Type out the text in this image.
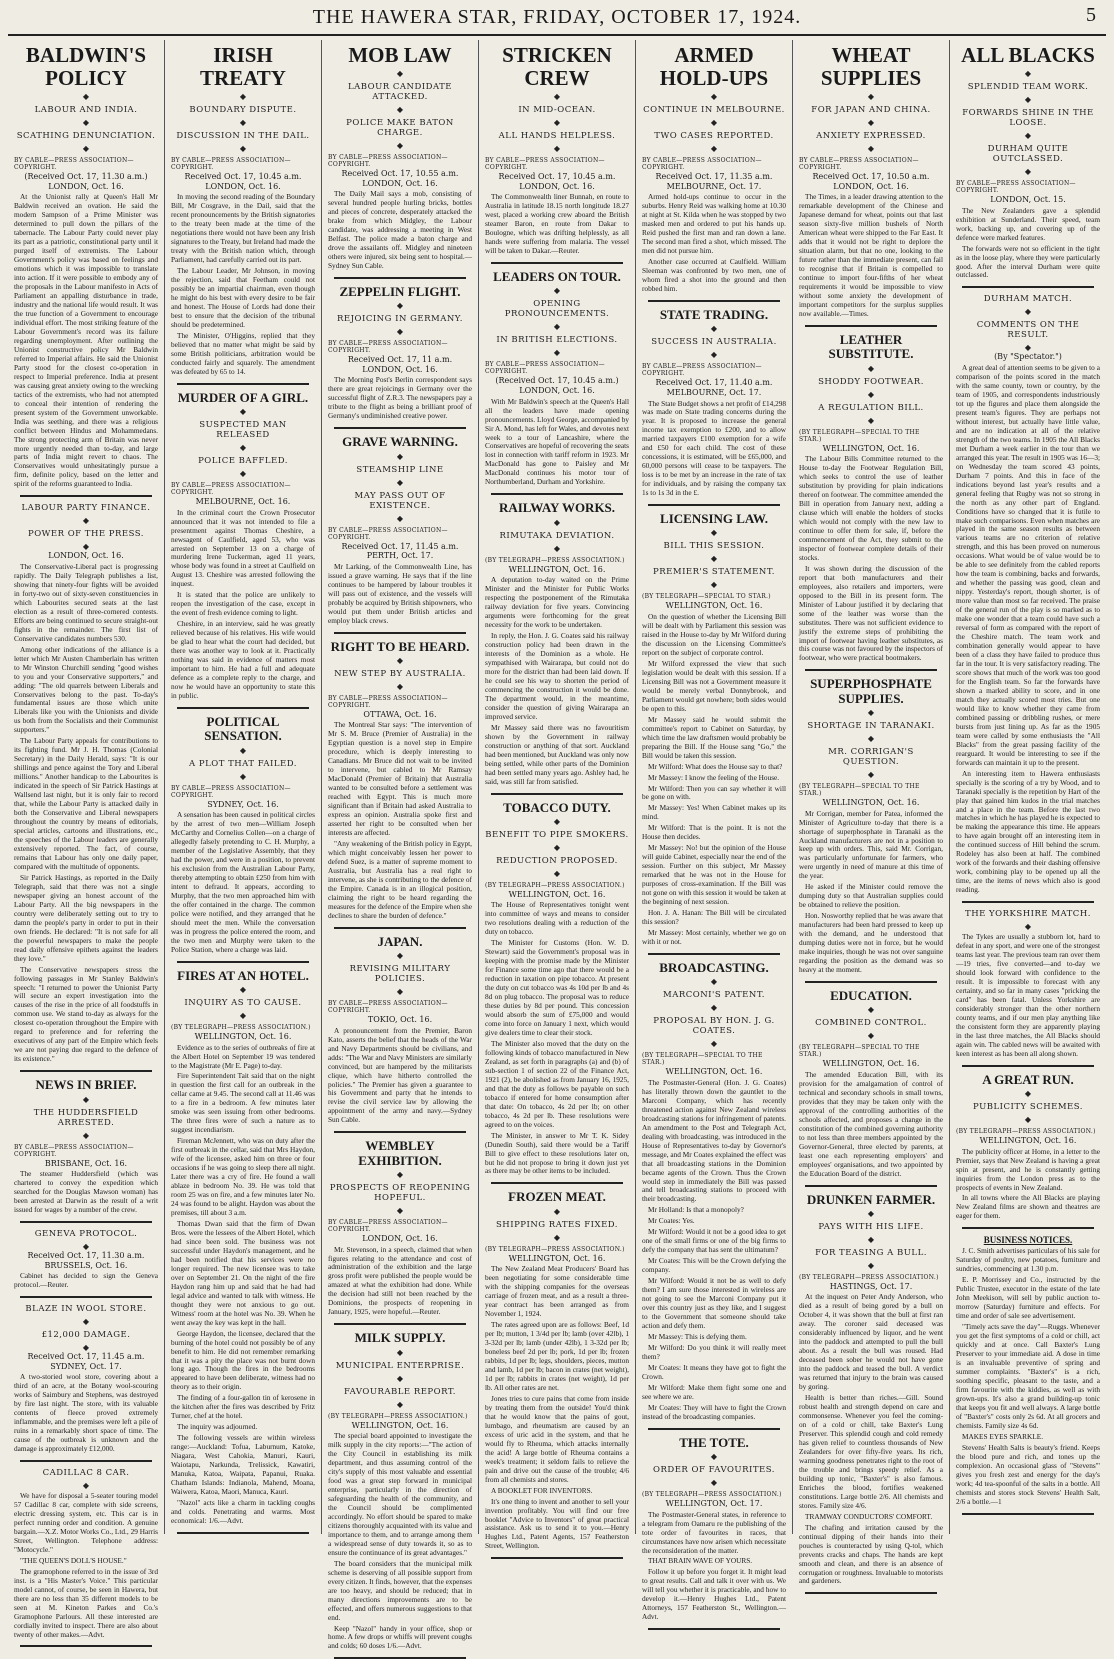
THE HAWERA STAR, FRIDAY, OCTOBER 17, 1924.	5
BALDWIN'S POLICY
◆
LABOUR AND INDIA.
◆
SCATHING DENUNCIATION.
◆
BY CABLE—PRESS ASSOCIATION—COPYRIGHT.
(Received Oct. 17, 11.30 a.m.)
LONDON, Oct. 16.

At the Unionist rally at Queen's Hall Mr Baldwin received an ovation. He said the modern Sampson of a Prime Minister was determined to pull down the pillars of the tabernacle. The Labour Party could never play its part as a patriotic, constitutional party until it purged itself of extremists. The Labour Government's policy was based on feelings and emotions which it was impossible to translate into action. If it were possible to embody any of the proposals in the Labour manifesto in Acts of Parliament an appalling disturbance in trade, industry and the national life would result. It was the true function of a Government to encourage individual effort. The most striking feature of the Labour Government's record was its failure regarding unemployment. After outlining the Unionist constructive policy Mr Baldwin referred to Imperial affairs. He said the Unionist Party stood for the closest co-operation in respect to Imperial preference. India at present was causing great anxiety owing to the wrecking tactics of the extremists, who had not attempted to conceal their intention of rendering the present system of the Government unworkable. India was seething, and there was a religious conflict between Hindus and Mohammedans. The strong protecting arm of Britain was never more urgently needed than to-day, and large parts of India might revert to chaos. The Conservatives would unhesitatingly pursue a firm, definite policy, based on the letter and spirit of the reforms guaranteed to India.

LABOUR PARTY FINANCE.
◆
POWER OF THE PRESS.
◆
LONDON, Oct. 16.

The Conservative-Liberal pact is progressing rapidly. The Daily Telegraph publishes a list, showing that ninety-four fights will be avoided in forty-two out of sixty-seven constituencies in which Labourites secured seats at the last election as a result of three-cornered contests. Efforts are being continued to secure straight-out fights in the remainder. The first list of Conservative candidates numbers 530.

Among other indications of the alliance is a letter which Mr Austen Chamberlain has written to Mr Winston Churchill sending "good wishes to you and your Conservative supporters," and adding: "The old quarrels between Liberals and Conservatives belong to the past. To-day's fundamental issues are those which unite Liberals like you with the Unionists and divide us both from the Socialists and their Communist supporters."

The Labour Party appeals for contributions to its fighting fund. Mr J. H. Thomas (Colonial Secretary) in the Daily Herald, says: "It is our shillings and pence against the Tory and Liberal millions." Another handicap to the Labourites is indicated in the speech of Sir Patrick Hastings at Wallsend last night, but it is only fair to record that, while the Labour Party is attacked daily in both the Conservative and Liberal newspapers throughout the country by means of editorials, special articles, cartoons and illustrations, etc., the speeches of the Labour leaders are generally extensively reported. The fact, of course, remains that Labour has only one daily paper, compared with the multitude of opponents.

Sir Patrick Hastings, as reported in the Daily Telegraph, said that there was not a single newspaper giving an honest account of the Labour Party. All the big newspapers in the country were deliberately setting out to try to damn the people's party in order to put in their own friends. He declared: "It is not safe for all the powerful newspapers to make the people read daily offensive epithets against the leaders they love."

The Conservative newspapers stress the following passages in Mr Stanley Baldwin's speech: "I returned to power the Unionist Party will secure an expert investigation into the causes of the rise in the price of all foodstuffs in common use. We stand to-day as always for the closest co-operation throughout the Empire with regard to preference and for referring the executives of any part of the Empire which feels we are not paying due regard to the defence of its existence."

NEWS IN BRIEF.
◆
THE HUDDERSFIELD ARRESTED.
◆
BY CABLE—PRESS ASSOCIATION—COPYRIGHT.
BRISBANE, Oct. 16.

The steamer Huddersfield (which was chartered to convey the expedition which searched for the Douglas Mawson woman) has been arrested at Darwin as the result of a writ issued for wages by a number of the crew.

GENEVA PROTOCOL.
◆
Received Oct. 17, 11.30 a.m.
BRUSSELS, Oct. 16.

Cabinet has decided to sign the Geneva protocol.—Reuter.

BLAZE IN WOOL STORE.
◆
£12,000 DAMAGE.
◆
Received Oct. 17, 11.45 a.m.
SYDNEY, Oct. 17.

A two-storied wool store, covering about a third of an acre, at the Botany wool-scouring works of Saimbury and Stephens, was destroyed by fire last night. The store, with its valuable contents of fleece proved extremely inflammable, and the premises were left a pile of ruins in a remarkably short space of time. The cause of the outbreak is unknown and the damage is approximately £12,000.

CADILLAC 8 CAR.
◆

We have for disposal a 5-seater touring model 57 Cadillac 8 car, complete with side screens, electric dressing system, etc. This car is in perfect running order and condition. A genuine bargain.—X.Z. Motor Works Co., Ltd., 29 Harris Street, Wellington. Telephone address: "Motocycle."

"THE QUEEN'S DOLL'S HOUSE."

The gramophone referred to in the issue of 3rd inst. is a "His Master's Voice." This particular model cannot, of course, be seen in Hawera, but there are no less than 35 different models to be seen at M. Kineton Parkes and Co.'s Gramophone Parlours. All these interested are cordially invited to inspect. There are also about twenty of other makes.—Advt.

IRISH TREATY
◆
BOUNDARY DISPUTE.
◆
DISCUSSION IN THE DAIL.
◆
BY CABLE—PRESS ASSOCIATION—COPYRIGHT.
Received Oct. 17, 10.45 a.m.
LONDON, Oct. 16.

In moving the second reading of the Boundary Bill, Mr Cosgrave, in the Dail, said that the recent pronouncements by the British signatories to the treaty been made at the time of the negotiations there would not have been any Irish signatures to the Treaty, but Ireland had made the treaty with the British nation which, through Parliament, had carefully carried out its part.

The Labour Leader, Mr Johnson, in moving the rejection, said that Feetham could not possibly be an impartial chairman, even though he might do his best with every desire to be fair and honest. The House of Lords had done their best to ensure that the decision of the tribunal should be predetermined.

The Minister, O'Higgins, replied that they believed that no matter what might be said by some British politicians, arbitration would be conducted fairly and squarely. The amendment was defeated by 65 to 14.

MURDER OF A GIRL.
◆
SUSPECTED MAN RELEASED
◆
POLICE BAFFLED.
◆
BY CABLE—PRESS ASSOCIATION—COPYRIGHT.
MELBOURNE, Oct. 16.

In the criminal court the Crown Prosecutor announced that it was not intended to file a presentment against Thomas Cheshire, a newsagent of Caulfield, aged 53, who was arrested on September 13 on a charge of murdering Irene Tuckerman, aged 11 years, whose body was found in a street at Caulfield on August 13. Cheshire was arrested following the inquest.

It is stated that the police are unlikely to reopen the investigation of the case, except in the event of fresh evidence coming to light.

Cheshire, in an interview, said he was greatly relieved because of his relatives. His wife would be glad to hear what the court had decided, but there was another way to look at it. Practically nothing was said in evidence of matters most important to him. He had a full and adequate defence as a complete reply to the charge, and now he would have an opportunity to state this in public.

POLITICAL SENSATION.
◆
A PLOT THAT FAILED.
◆
BY CABLE—PRESS ASSOCIATION—COPYRIGHT.
SYDNEY, Oct. 16.

A sensation has been caused in political circles by the arrest of two men—William Joseph McCarthy and Cornelius Collen—on a charge of allegedly falsely pretending to C. H. Murphy, a member of the Legislative Assembly, that they had the power, and were in a position, to prevent his exclusion from the Australian Labour Party, thereby attempting to obtain £250 from him with intent to defraud. It appears, according to Murphy, that the two men approached him with the offer contained in the charge. The common police were notified, and they arranged that he should meet the men. While the conversation was in progress the police entered the room, and the two men and Murphy were taken to the Police Station, where a charge was laid.

FIRES AT AN HOTEL.
◆
INQUIRY AS TO CAUSE.
◆
(BY TELEGRAPH—PRESS ASSOCIATION.)
WELLINGTON, Oct. 16.

Evidence as to the series of outbreaks of fire at the Albert Hotel on September 19 was tendered to the Magistrate (Mr E. Page) to-day.

Fire Superintendent Tait said that on the night in question the first call for an outbreak in the cellar came at 9.45. The second call at 11.46 was to a fire in a bedroom. A few minutes later smoke was seen issuing from other bedrooms. The three fires were of such a nature as to suggest incendiarism.

Fireman McJennett, who was on duty after the first outbreak in the cellar, said that Mrs Haydon, wife of the licensee, asked him on three or four occasions if he was going to sleep there all night. Later there was a cry of fire. He found a wall ablaze in bedroom No. 39. He was told that room 25 was on fire, and a few minutes later No. 24 was found to be alight. Haydon was about the premises, till about 3 a.m.

Thomas Dwan said that the firm of Dwan Bros. were the lessees of the Albert Hotel, which had since been sold. The business was not successful under Haydon's management, and he had been notified that his services were no longer required. The new licensee was to take over on September 21. On the night of the fire Haydon rang him up and said that he had had legal advice and wanted to talk with witness. He thought they were not anxious to go out. Witness' room at the hotel was No. 39. When he went away the key was kept in the hall.

George Haydon, the licensee, declared that the burning of the hotel could not possibly be of any benefit to him. He did not remember remarking that it was a pity the place was not burnt down long ago. Though the fires in the bedrooms appeared to have been deliberate, witness had no theory as to their origin.

The finding of a four-gallon tin of kerosene in the kitchen after the fires was described by Fritz Turner, chef at the hotel.

The inquiry was adjourned.

The following vessels are within wireless range:—Auckland: Tofua, Laburnum, Katoke, Niagara, West Cahokia, Manuri, Kauri, Waiotapu, Narkunda, Trelissick, Kawatiri, Manuka, Katoa, Waipata, Papanui, Ruaka. Chatham Islands: Indianola, Mahend, Moana, Waiwera, Katoa, Maori, Manuca, Kauri.

"Nazol" acts like a charm in tackling coughs and colds. Penetrating and warms. Most economical: 1/6.—Advt.

MOB LAW
◆
LABOUR CANDIDATE ATTACKED.
◆
POLICE MAKE BATON CHARGE.
◆
BY CABLE—PRESS ASSOCIATION—COPYRIGHT.
Received Oct. 17, 10.55 a.m.
LONDON, Oct. 16.

The Daily Mail says a mob, consisting of several hundred people hurling bricks, bottles and pieces of concrete, desperately attacked the brake from which Midgley, the Labour candidate, was addressing a meeting in West Belfast. The police made a baton charge and drove the assailants off. Midgley and nineteen others were injured, six being sent to hospital.—Sydney Sun Cable.

ZEPPELIN FLIGHT.
◆
REJOICING IN GERMANY.
◆
BY CABLE—PRESS ASSOCIATION—COPYRIGHT.
Received Oct. 17, 11 a.m.
LONDON, Oct. 16.

The Morning Post's Berlin correspondent says there are great rejoicings in Germany over the successful flight of Z.R.3. The newspapers pay a tribute to the flight as being a brilliant proof of Germany's undiminished creative power.

GRAVE WARNING.
◆
STEAMSHIP LINE
◆
MAY PASS OUT OF EXISTENCE.
◆
BY CABLE—PRESS ASSOCIATION—COPYRIGHT.
Received Oct. 17, 11.45 a.m.
PERTH, Oct. 17.

Mr Larking, of the Commonwealth Line, has issued a grave warning. He says that if the line continues to be hampered by labour troubles it will pass out of existence, and the vessels will probably be acquired by British shipowners, who would put them under British articles and employ black crews.

RIGHT TO BE HEARD.
◆
NEW STEP BY AUSTRALIA.
◆
BY CABLE—PRESS ASSOCIATION—COPYRIGHT.
OTTAWA, Oct. 16.

The Montreal Star says: "The intervention of Mr S. M. Bruce (Premier of Australia) in the Egyptian question is a novel step in Empire procedure, which is deeply interesting to Canadians. Mr Bruce did not wait to be invited to intervene, but cabled to Mr Ramsay MacDonald (Premier of Britain) that Australia wanted to be consulted before a settlement was reached with Egypt. This is much more significant than if Britain had asked Australia to express an opinion. Australia spoke first and asserted her right to be consulted when her interests are affected.

"Any weakening of the British policy in Egypt, which might conceivably lessen her power to defend Suez, is a matter of supreme moment to Australia, but Australia has a real right to intervene, as she is contributing to the defence of the Empire. Canada is in an illogical position, claiming the right to be heard regarding the measures for the defence of the Empire when she declines to share the burden of defence."

JAPAN.
◆
REVISING MILITARY POLICIES.
◆
BY CABLE—PRESS ASSOCIATION—COPYRIGHT.
TOKIO, Oct. 16.

A pronouncement from the Premier, Baron Kato, asserts the belief that the heads of the War and Navy Departments should be civilians, and adds: "The War and Navy Ministers are similarly convinced, but are hampered by the militarists clique, which have hitherto controlled the policies." The Premier has given a guarantee to his Government and party that he intends to revise the civil service law by allowing the appointment of the army and navy.—Sydney Sun Cable.

WEMBLEY EXHIBITION.
◆
PROSPECTS OF REOPENING HOPEFUL.
◆
BY CABLE—PRESS ASSOCIATION—COPYRIGHT.
LONDON, Oct. 16.

Mr. Stevenson, in a speech, claimed that when figures relating to the attendance and cost of administration of the exhibition and the large gross profit were published the people would be amazed at what the exhibition had done. While the decision had still not been reached by the Dominions, the prospects of reopening in January, 1925, were hopeful.—Reuter.

MILK SUPPLY.
◆
MUNICIPAL ENTERPRISE.
◆
FAVOURABLE REPORT.
◆
(BY TELEGRAPH—PRESS ASSOCIATION.)
WELLINGTON, Oct. 16.

The special board appointed to investigate the milk supply in the city reports:—"The action of the City Council in establishing its milk department, and thus assuming control of the city's supply of this most valuable and essential food was a great step forward in municipal enterprise, particularly in the direction of safeguarding the health of the community, and the Council should be complimented accordingly. No effort should be spared to make citizens thoroughly acquainted with its value and importance to them, and to arrange among them a widespread sense of duty towards it, so as to ensure the continuance of its great advantages."

The board considers that the municipal milk scheme is deserving of all possible support from every citizen. It finds, however, that the expenses are too heavy, and should be reduced; that in many directions improvements are to be effected, and offers numerous suggestions to that end.

Keep "Nazol" handy in your office, shop or home. A few drops or whiffs will prevent coughs and colds; 60 doses 1/6.—Advt.

STRICKEN CREW
◆
IN MID-OCEAN.
◆
ALL HANDS HELPLESS.
◆
BY CABLE—PRESS ASSOCIATION—COPYRIGHT.
Received Oct. 17, 10.45 a.m.
LONDON, Oct. 16.

The Commonwealth liner Bunnah, en route to Australia in latitude 18.15 north longitude 18.27 west, placed a working crew aboard the British steamer Baron, en route from Dakar to Boulogne, which was drifting helplessly, as all hands were suffering from malaria. The vessel will be taken to Dakar.—Reuter.

LEADERS ON TOUR.
◆
OPENING PRONOUNCEMENTS.
◆
IN BRITISH ELECTIONS.
◆
BY CABLE—PRESS ASSOCIATION—COPYRIGHT.
(Received Oct. 17, 10.45 a.m.)
LONDON, Oct. 16.

With Mr Baldwin's speech at the Queen's Hall all the leaders have made opening pronouncements. Lloyd George, accompanied by Sir A. Mond, has left for Wales, and devotes next week to a tour of Lancashire, where the Conservatives are hopeful of recovering the seats lost in connection with tariff reform in 1923. Mr MacDonald has gone to Paisley and Mr MacDonald continues his motor tour of Northumberland, Durham and Yorkshire.

RAILWAY WORKS.
◆
RIMUTAKA DEVIATION.
◆
(BY TELEGRAPH—PRESS ASSOCIATION.)
WELLINGTON, Oct. 16.

A deputation to-day waited on the Prime Minister and the Minister for Public Works respecting the postponement of the Rimutaka railway deviation for five years. Convincing arguments were forthcoming for the great necessity for the work to be undertaken.

In reply, the Hon. J. G. Coates said his railway construction policy had been drawn in the interests of the Dominion as a whole. He sympathised with Wairarapa, but could not do more for the district than had been laid down. If he could see his way to shorten the period of commencing the construction it would be done. The department would, in the meantime, consider the question of giving Wairarapa an improved service.

Mr Massey said there was no favouritism shown by the Government in railway construction or anything of that sort. Auckland had been mentioned, but Auckland was only now being settled, while other parts of the Dominion had been settled many years ago. Ashley had, he said, was still far from satisfied.

TOBACCO DUTY.
◆
BENEFIT TO PIPE SMOKERS.
◆
REDUCTION PROPOSED.
◆
(BY TELEGRAPH—PRESS ASSOCIATION.)
WELLINGTON, Oct. 16.

The House of Representatives tonight went into committee of ways and means to consider two resolutions dealing with a reduction of the duty on tobacco.

The Minister for Customs (Hon. W. D. Stewart) said the Government's proposal was in keeping with the promise made by the Minister for Finance some time ago that there would be a reduction in taxation on pipe tobacco. At present the duty on cut tobacco was 4s 10d per lb and 4s 8d on plug tobacco. The proposal was to reduce these duties by 8d per pound. This concession would absorb the sum of £75,000 and would come into force on January 1 next, which would give dealers time to clear their stock.

The Minister also moved that the duty on the following kinds of tobacco manufactured in New Zealand, as set forth in paragraphs (a) and (b) of sub-section 1 of section 22 of the Finance Act, 1921 (2), be abolished as from January 16, 1925, and that the duty as follows be payable on such tobacco if entered for home consumption after that date: On tobacco, 4s 2d per lb; on other tobacco, 4s 2d per lb. These resolutions were agreed to on the voices.

The Minister, in answer to Mr T. K. Sidey (Dunedin South), said there would be a Tariff Bill to give effect to these resolutions later on, but he did not propose to bring it down just yet as there may be other items to be included.

FROZEN MEAT.
◆
SHIPPING RATES FIXED.
◆
(BY TELEGRAPH—PRESS ASSOCIATION.)
WELLINGTON, Oct. 16.

The New Zealand Meat Producers' Board has been negotiating for some considerable time with the shipping companies for the overseas carriage of frozen meat, and as a result a three-year contract has been arranged as from November 1, 1924.

The rates agreed upon are as follows: Beef, 1d per lb; mutton, 1 3/4d per lb; lamb (over 42lb), 1 3-32d per lb; lamb (under 42lb), 1 3-32d per lb; boneless beef 2d per lb; pork, 1d per lb; frozen rabbits, 1d per lb; legs, shoulders, pieces, mutton and lamb, 1d per lb; bacon in crates (net weight), 1d per lb; rabbits in crates (net weight), 1d per lb. All other rates are net.

Jones tries to cure pains that come from inside by treating them from the outside! You'd think that he would know that the pains of gout, lumbago, and rheumatism are caused by an excess of uric acid in the system, and that he would fly to Rheuma, which attacks internally the acid! A large bottle of Rheuma contains a week's treatment; it seldom fails to relieve the pain and drive out the cause of the trouble; 4/6 from all chemists and stores.

A BOOKLET FOR INVENTORS.

It's one thing to invent and another to sell your invention profitably. You will find our free booklet "Advice to Inventors" of great practical assistance. Ask us to send it to you.—Henry Hughes Ltd., Patent Agents, 157 Featherston Street, Wellington.

ARMED HOLD-UPS
◆
CONTINUE IN MELBOURNE.
◆
TWO CASES REPORTED.
◆
BY CABLE—PRESS ASSOCIATION—COPYRIGHT.
Received Oct. 17, 11.35 a.m.
MELBOURNE, Oct. 17.

Armed hold-ups continue to occur in the suburbs. Henry Reid was walking home at 10.30 at night at St. Kilda when he was stopped by two masked men and ordered to put his hands up. Reid pushed the first man and ran down a lane. The second man fired a shot, which missed. The men did not pursue him.

Another case occurred at Caulfield. William Sleeman was confronted by two men, one of whom fired a shot into the ground and then robbed him.

STATE TRADING.
◆
SUCCESS IN AUSTRALIA.
◆
BY CABLE—PRESS ASSOCIATION—COPYRIGHT.
Received Oct. 17, 11.40 a.m.
MELBOURNE, Oct. 17.

The State Budget shows a net profit of £14,298 was made on State trading concerns during the year. It is proposed to increase the general income tax exemption to £200, and to allow married taxpayers £100 exemption for a wife and £50 for each child. The cost of these concessions, it is estimated, will be £65,000, and 60,000 persons will cease to be taxpayers. The loss is to be met by an increase in the rate of tax for individuals, and by raising the company tax 1s to 1s 3d in the £.

LICENSING LAW.
◆
BILL THIS SESSION.
◆
PREMIER'S STATEMENT.
◆
(BY TELEGRAPH—SPECIAL TO STAR.)
WELLINGTON, Oct. 16.

On the question of whether the Licensing Bill will be dealt with by Parliament this session was raised in the House to-day by Mr Wilford during the discussion on the Licensing Committee's report on the subject of corporate control.

Mr Wilford expressed the view that such legislation would be dealt with this session. If a Licensing Bill was not a Government measure it would be merely verbal Donnybrook, and Parliament would get nowhere; both sides would be open to this.

Mr Massey said he would submit the committee's report to Cabinet on Saturday, by which time the law draftsmen would probably be preparing the Bill. If the House sang "Go," the Bill would be taken this session.

Mr Wilford: What does the House say to that?

Mr Massey: I know the feeling of the House.

Mr Wilford: Then you can say whether it will be gone on with.

Mr Massey: Yes! When Cabinet makes up its mind.

Mr Wilford: That is the point. It is not the House then decides.

Mr Massey: No! but the opinion of the House will guide Cabinet, especially near the end of the session. Further on this subject, Mr Massey remarked that he was not in the House for purposes of cross-examination. If the Bill was not gone on with this session it would be taken at the beginning of next session.

Hon. J. A. Hanan: The Bill will be circulated this session?

Mr Massey: Most certainly, whether we go on with it or not.

BROADCASTING.
◆
MARCONI'S PATENT.
◆
PROPOSAL BY HON. J. G. COATES.
◆
(BY TELEGRAPH—SPECIAL TO THE STAR.)
WELLINGTON, Oct. 16.

The Postmaster-General (Hon. J. G. Coates) has literally thrown down the gauntlet to the Marconi Company, which has recently threatened action against New Zealand wireless broadcasting stations for infringement of patents. An amendment to the Post and Telegraph Act, dealing with broadcasting, was introduced in the House of Representatives to-day by Governor's message, and Mr Coates explained the effect was that all broadcasting stations in the Dominion became agents of the Crown. Thus the Crown would step in immediately the Bill was passed and tell broadcasting stations to proceed with their broadcasting.

Mr Holland: Is that a monopoly?

Mr Coates: Yes.

Mr Wilford: Would it not be a good idea to get one of the small firms or one of the big firms to defy the company that has sent the ultimatum?

Mr Coates: This will be the Crown defying the company.

Mr Wilford: Would it not be as well to defy them? I am sure those interested in wireless are not going to see the Marconi Company put it over this country just as they like, and I suggest to the Government that someone should take action and defy them.

Mr Massey: This is defying them.

Mr Wilford: Do you think it will really meet them?

Mr Coates: It means they have got to fight the Crown.

Mr Wilford: Make them fight some one and see where we are.

Mr Coates: They will have to fight the Crown instead of the broadcasting companies.

THE TOTE.
◆
ORDER OF FAVOURITES.
◆
(BY TELEGRAPH—PRESS ASSOCIATION.)
WELLINGTON, Oct. 17.

The Postmaster-General states, in reference to a telegram from Oamaru re the publishing of the tote order of favourites in races, that circumstances have now arisen which necessitate the reconsideration of the matter.

THAT BRAIN WAVE OF YOURS.

Follow it up before you forget it. It might lead to great results. Call and talk it over with us. We will tell you whether it is practicable, and how to develop it.—Henry Hughes Ltd., Patent Attorneys, 157 Featherston St., Wellington.—Advt.

WHEAT SUPPLIES
◆
FOR JAPAN AND CHINA.
◆
ANXIETY EXPRESSED.
◆
BY CABLE—PRESS ASSOCIATION—COPYRIGHT.
Received Oct. 17, 10.50 a.m.
LONDON, Oct. 16.

The Times, in a leader drawing attention to the remarkable development of the Chinese and Japanese demand for wheat, points out that last season sixty-five million bushels of North American wheat were shipped to the Far East. It adds that it would not be right to deplore the situation alarm, but that no one, looking to the future rather than the immediate present, can fail to recognise that if Britain is compelled to continue to import four-fifths of her wheat requirements it would be impossible to view without some anxiety the development of important competitors for the surplus supplies now available.—Times.

LEATHER SUBSTITUTE.
◆
SHODDY FOOTWEAR.
◆
A REGULATION BILL.
◆
(BY TELEGRAPH—SPECIAL TO THE STAR.)
WELLINGTON, Oct. 16.

The Labour Bills Committee returned to the House to-day the Footwear Regulation Bill, which seeks to control the use of leather substitution by providing for plain indications thereof on footwear. The committee amended the Bill in operation from January next, adding a clause which will enable the holders of stocks which would not comply with the new law to continue to offer them for sale, if, before the commencement of the Act, they submit to the inspector of footwear complete details of their stocks.

It was shown during the discussion of the report that both manufacturers and their employees, also retailers and importers, were opposed to the Bill in its present form. The Minister of Labour justified it by declaring that some of the leather was worse than the substitutes. There was not sufficient evidence to justify the extreme steps of prohibiting the import of footwear having leather substitutes, as this course was not favoured by the inspectors of footwear, who were practical bootmakers.

SUPERPHOSPHATE SUPPLIES.
◆
SHORTAGE IN TARANAKI.
◆
MR. CORRIGAN'S QUESTION.
◆
(BY TELEGRAPH—SPECIAL TO THE STAR.)
WELLINGTON, Oct. 16.

Mr Corrigan, member for Patea, informed the Minister of Agriculture to-day that there is a shortage of superphosphate in Taranaki as the Auckland manufacturers are not in a position to keep up with orders. This, said Mr. Corrigan, was particularly unfortunate for farmers, who were urgently in need of manure at this time of the year.

He asked if the Minister could remove the dumping duty so that Australian supplies could be obtained to relieve the position.

Hon. Nosworthy replied that he was aware that manufacturers had been hard pressed to keep up with the demand, and he understood that dumping duties were not in force, but he would make inquiries, though he was not over sanguine regarding the position as the demand was so heavy at the moment.

EDUCATION.
◆
COMBINED CONTROL.
◆
(BY TELEGRAPH—SPECIAL TO THE STAR.)
WELLINGTON, Oct. 16.

The amended Education Bill, with its provision for the amalgamation of control of technical and secondary schools in small towns, provides that they may be taken only with the approval of the controlling authorities of the schools affected, and proposes a change in the constitution of the combined governing authority to not less than three members appointed by the Governor-General, three elected by parents, at least one each representing employers' and employees' organisations, and two appointed by the Education Board of the district.

DRUNKEN FARMER.
◆
PAYS WITH HIS LIFE.
◆
FOR TEASING A BULL.
◆
(BY TELEGRAPH—PRESS ASSOCIATION.)
HASTINGS, Oct. 17.

At the inquest on Peter Andy Anderson, who died as a result of being gored by a bull on October 4, it was shown that the bull at first ran away. The coroner said deceased was considerably influenced by liquor, and he went into the paddock and attempted to pull the bull about. As a result the bull was roused. Had deceased been sober he would not have gone into the paddock and teased the bull. A verdict was returned that injury to the brain was caused by goring.

Health is better than riches.—Gill. Sound robust health and strength depend on care and commonsense. Whenever you feel the coming-on of a cold or chill, take Baxter's Lung Preserver. This splendid cough and cold remedy has given relief to countless thousands of New Zealanders for over fifty-five years. Its rich, warming goodness penetrates right to the root of the trouble and brings speedy relief. As a building up tonic, "Baxter's" is also famous. Enriches the blood, fortifies weakened constitutions. Large bottle 2/6. All chemists and stores. Family size 4/6.

TRAMWAY CONDUCTORS' COMFORT.

The chafing and irritation caused by the continual dipping of their hands into their pouches is counteracted by using Q-tol, which prevents cracks and chaps. The hands are kept smooth and clean, and there is an absence of corrugation or roughness. Invaluable to motorists and gardeners.

ALL BLACKS
◆
SPLENDID TEAM WORK.
◆
FORWARDS SHINE IN THE LOOSE.
◆
DURHAM QUITE OUTCLASSED.
◆
BY CABLE—PRESS ASSOCIATION—COPYRIGHT.
LONDON, Oct. 15.

The New Zealanders gave a splendid exhibition at Sunderland. Their speed, team work, backing up, and covering up of the defence were marked features.

The forwards were not so efficient in the tight as in the loose play, where they were particularly good. After the interval Durham were quite outclassed.

DURHAM MATCH.
◆
COMMENTS ON THE RESULT.
◆
(By "Spectator.")

A great deal of attention seems to be given to a comparison of the points scored in the match with the same county, town or country, by the team of 1905, and correspondents industriously tot up the figures and place them alongside the present team's figures. They are perhaps not without interest, but actually have little value, and are no indication at all of the relative strength of the two teams. In 1905 the All Blacks met Durham a week earlier in the tour than we arranged this year. The result in 1905 was 16—3; on Wednesday the team scored 43 points, Durham 7 points. And this in face of the indications beyond last year's results and a general feeling that Rugby was not so strong in the north as any other part of England. Conditions have so changed that it is futile to make such comparisons. Even when matches are played in the same season results as between various teams are no criterion of relative strength, and this has been proved on numerous occasions. What would be of value would be to be able to see definitely from the cabled reports how the team is combining, backs and forwards, and whether the passing was good, clean and nippy. Yesterday's report, though shorter, is of more value than most so far received. The praise of the general run of the play is so marked as to make one wonder that a team could have such a reversal of form as compared with the report of the Cheshire match. The team work and combination generally would appear to have been of a class they have failed to produce thus far in the tour. It is very satisfactory reading. The score shows that much of the work was too good for the English team. So far the forwards have shown a marked ability to score, and in one match they actually scored most tries. But one would like to know whether they came from combined passing or dribbling rushes, or mere bursts from just lining up. As far as the 1905 team were called by some enthusiasts the "All Blacks" from the great passing facility of the rearguard. It would be interesting to see if the forwards can maintain it up to the present.

An interesting item to Hawera enthusiasts specially is the scoring of a try by Wood, and to Taranaki specially is the repetition by Hart of the play that gained him kudos in the trial matches and a place in the team. Before the last two matches in which he has played he is expected to be making the appearance this time. He appears to have again brought off an interesting item in the continued success of Hill behind the scrum. Rodeley has also been at half. The combined work of the forwards and their dashing offensive work, combining play to be opened up all the time, are the items of news which also is good reading.

THE YORKSHIRE MATCH.
◆

The Tykes are usually a stubborn lot, hard to defeat in any sport, and were one of the strongest teams last year. The previous team ran over them—19 tries, five converted—and to-day we should look forward with confidence to the result. It is impossible to forecast with any certainty, and so far in many cases "pricking the card" has been fatal. Unless Yorkshire are considerably stronger than the other northern county teams, and if our men play anything like the consistent form they are apparently playing in the last three matches, the All Blacks should again win. The cabled news will be awaited with keen interest as has been all along shown.

A GREAT RUN.
◆
PUBLICITY SCHEMES.
◆
(BY TELEGRAPH—PRESS ASSOCIATION.)
WELLINGTON, Oct. 16.

The publicity officer at Home, in a letter to the Premier, says that New Zealand is having a great spin at present, and he is constantly getting inquiries from the London press as to the prospects of events in New Zealand.

In all towns where the All Blacks are playing New Zealand films are shown and theatres are eager for them.

BUSINESS NOTICES.

J. C. Smith advertises particulars of his sale for Saturday of poultry, new potatoes, furniture and sundries, commencing at 1.30 p.m.

E. P. Morrissey and Co., instructed by the Public Trustee, executor in the estate of the late John Meekison, will sell by public auction to-morrow (Saturday) furniture and effects. For time and order of sale see advertisement.

"Timely acts save the day"—Ruggs. Whenever you get the first symptoms of a cold or chill, act quickly and at once. Call Baxter's Lung Preserver to your immediate aid. A dose in time is an invaluable preventive of spring and summer complaints. "Baxter's" is a rich, soothing specific, pleasant to the taste, and a firm favourite with the kiddies, as well as with grown-ups. It's also a grand building-up tonic that keeps you fit and well always. A large bottle of "Baxter's" costs only 2s 6d. At all grocers and chemists. Family size 4s 6d.

MAKES EYES SPARKLE.

Stevens' Health Salts is beauty's friend. Keeps the blood pure and rich, and tones up the complexion. An occasional glass of "Stevens'" gives you fresh zest and energy for the day's work; 4d tea-spoonful of the salts in a bottle. All chemists and stores stock Stevens' Health Salt, 2/6 a bottle.—1
